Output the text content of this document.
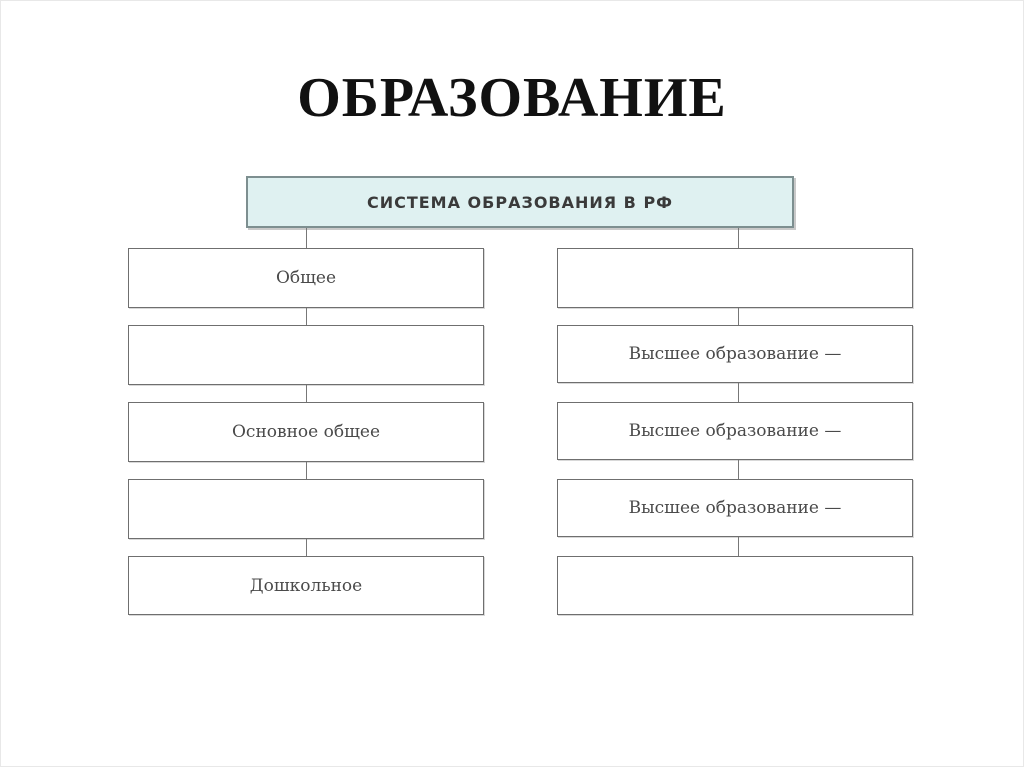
ОБРАЗОВАНИЕ
СИСТЕМА ОБРАЗОВАНИЯ В РФ
Общее
Основное общее
Дошкольное
Высшее образование —
Высшее образование —
Высшее образование —
